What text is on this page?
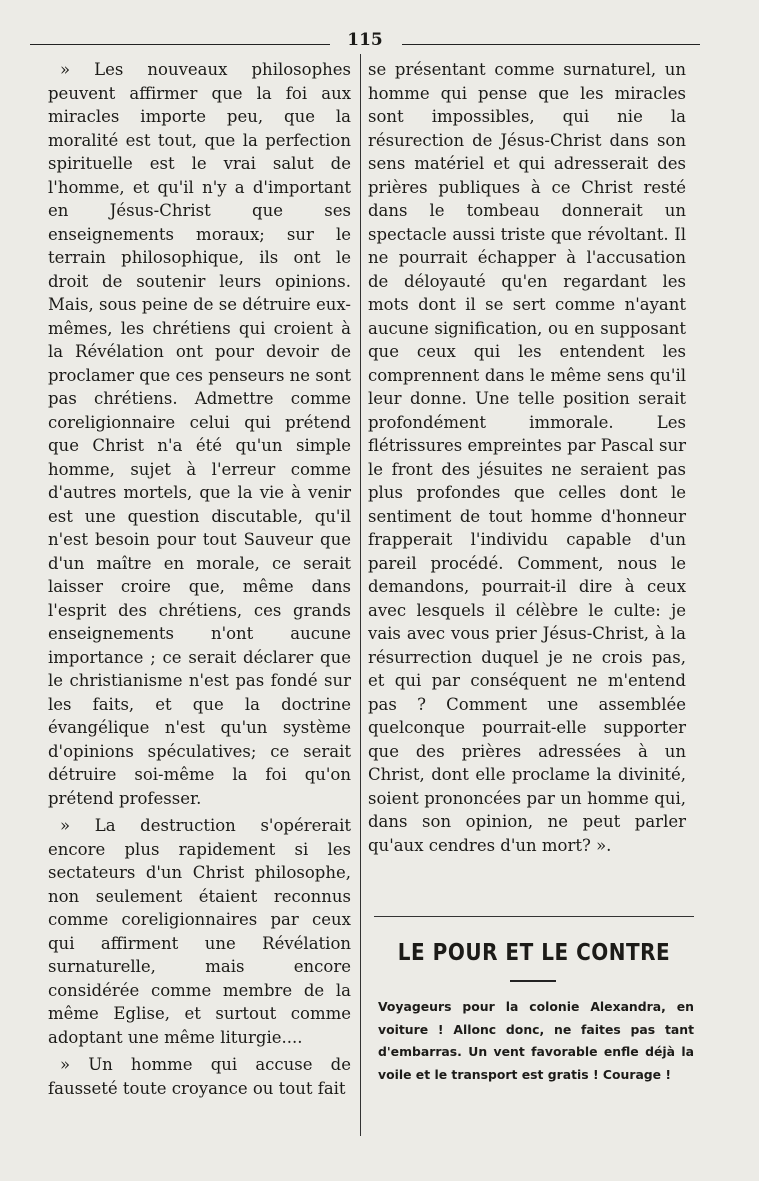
115

» Les nouveaux philosophes peuvent affirmer que la foi aux miracles importe peu, que la moralité est tout, que la perfection spirituelle est le vrai salut de l'homme, et qu'il n'y a d'important en Jésus-Christ que ses enseignements moraux; sur le terrain philosophique, ils ont le droit de soutenir leurs opinions. Mais, sous peine de se détruire eux-mêmes, les chrétiens qui croient à la Révélation ont pour devoir de proclamer que ces penseurs ne sont pas chrétiens. Admettre comme coreligionnaire celui qui prétend que Christ n'a été qu'un simple homme, sujet à l'erreur comme d'autres mortels, que la vie à venir est une question discutable, qu'il n'est besoin pour tout Sauveur que d'un maître en morale, ce serait laisser croire que, même dans l'esprit des chrétiens, ces grands enseignements n'ont aucune importance ; ce serait déclarer que le christianisme n'est pas fondé sur les faits, et que la doctrine évangélique n'est qu'un système d'opinions spéculatives; ce serait détruire soi-même la foi qu'on prétend professer.

» La destruction s'opérerait encore plus rapidement si les sectateurs d'un Christ philosophe, non seulement étaient reconnus comme coreligionnaires par ceux qui affirment une Révélation surnaturelle, mais encore considérée comme membre de la même Eglise, et surtout comme adoptant une même liturgie....

» Un homme qui accuse de fausseté toute croyance ou tout fait

se présentant comme surnaturel, un homme qui pense que les miracles sont impossibles, qui nie la résurection de Jésus-Christ dans son sens matériel et qui adresserait des prières publiques à ce Christ resté dans le tombeau donnerait un spectacle aussi triste que révoltant. Il ne pourrait échapper à l'accusation de déloyauté qu'en regardant les mots dont il se sert comme n'ayant aucune signification, ou en supposant que ceux qui les entendent les comprennent dans le même sens qu'il leur donne. Une telle position serait profondément immorale. Les flétrissures empreintes par Pascal sur le front des jésuites ne seraient pas plus profondes que celles dont le sentiment de tout homme d'honneur frapperait l'individu capable d'un pareil procédé. Comment, nous le demandons, pourrait-il dire à ceux avec lesquels il célèbre le culte: je vais avec vous prier Jésus-Christ, à la résurrection duquel je ne crois pas, et qui par conséquent ne m'entend pas ? Comment une assemblée quelconque pourrait-elle supporter que des prières adressées à un Christ, dont elle proclame la divinité, soient prononcées par un homme qui, dans son opinion, ne peut parler qu'aux cendres d'un mort? ».

LE POUR ET LE CONTRE

Voyageurs pour la colonie Alexandra, en voiture ! Allonc donc, ne faites pas tant d'embarras. Un vent favorable enfle déjà la voile et le transport est gratis ! Courage !
